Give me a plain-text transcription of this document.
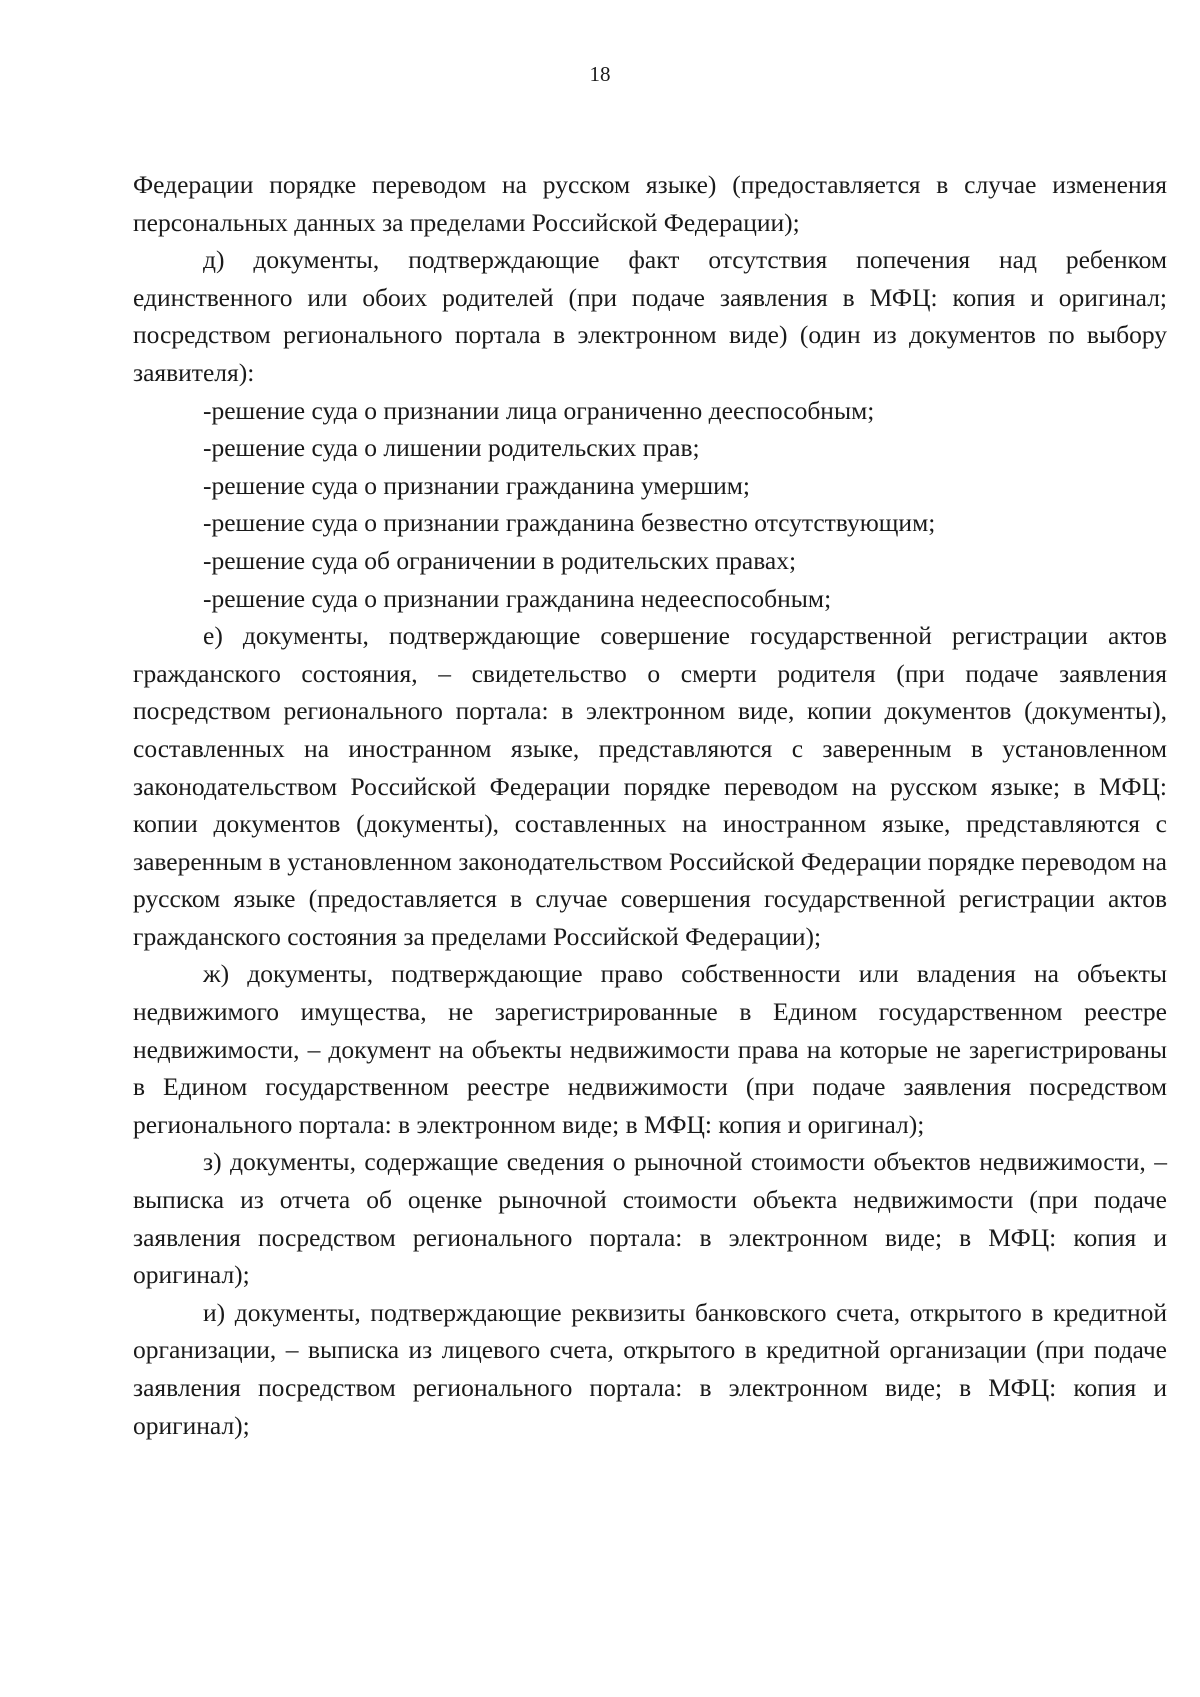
18

Федерации порядке переводом на русском языке) (предоставляется в случае изменения персональных данных за пределами Российской Федерации);

д) документы, подтверждающие факт отсутствия попечения над ребенком единственного или обоих родителей (при подаче заявления в МФЦ: копия и оригинал; посредством регионального портала в электронном виде) (один из документов по выбору заявителя):

-решение суда о признании лица ограниченно дееспособным;

-решение суда о лишении родительских прав;

-решение суда о признании гражданина умершим;

-решение суда о признании гражданина безвестно отсутствующим;

-решение суда об ограничении в родительских правах;

-решение суда о признании гражданина недееспособным;

е) документы, подтверждающие совершение государственной регистрации актов гражданского состояния, – свидетельство о смерти родителя (при подаче заявления посредством регионального портала: в электронном виде, копии документов (документы), составленных на иностранном языке, представляются с заверенным в установленном законодательством Российской Федерации порядке переводом на русском языке; в МФЦ: копии документов (документы), составленных на иностранном языке, представляются с заверенным в установленном законодательством Российской Федерации порядке переводом на русском языке (предоставляется в случае совершения государственной регистрации актов гражданского состояния за пределами Российской Федерации);

ж) документы, подтверждающие право собственности или владения на объекты недвижимого имущества, не зарегистрированные в Едином государственном реестре недвижимости, – документ на объекты недвижимости права на которые не зарегистрированы в Едином государственном реестре недвижимости (при подаче заявления посредством регионального портала: в электронном виде; в МФЦ: копия и оригинал);

з) документы, содержащие сведения о рыночной стоимости объектов недвижимости, – выписка из отчета об оценке рыночной стоимости объекта недвижимости (при подаче заявления посредством регионального портала: в электронном виде; в МФЦ: копия и оригинал);

и) документы, подтверждающие реквизиты банковского счета, открытого в кредитной организации, – выписка из лицевого счета, открытого в кредитной организации (при подаче заявления посредством регионального портала: в электронном виде; в МФЦ: копия и оригинал);
